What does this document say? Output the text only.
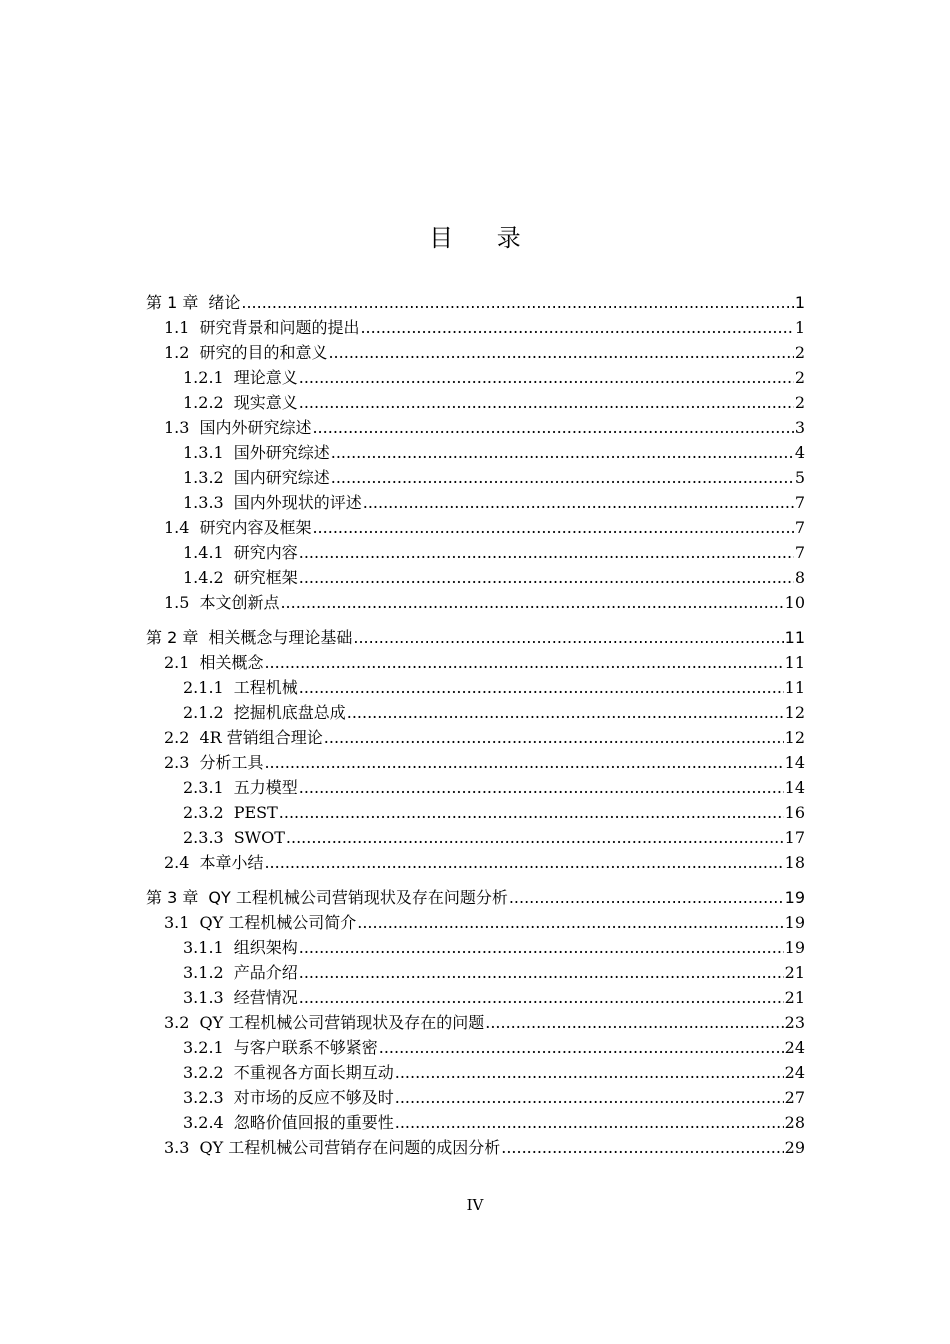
目 录
第 1 章 绪论 .....	1
1.1 研究背景和问题的提出 .....	1
1.2 研究的目的和意义 .....	2
1.2.1 理论意义 .....	2
1.2.2 现实意义 .....	2
1.3 国内外研究综述 .....	3
1.3.1 国外研究综述 .....	4
1.3.2 国内研究综述 .....	5
1.3.3 国内外现状的评述 .....	7
1.4 研究内容及框架 .....	7
1.4.1 研究内容 .....	7
1.4.2 研究框架 .....	8
1.5 本文创新点 .....	10
第 2 章 相关概念与理论基础 .....	11
2.1 相关概念 .....	11
2.1.1 工程机械 .....	11
2.1.2 挖掘机底盘总成 .....	12
2.2 4R 营销组合理论 .....	12
2.3 分析工具 .....	14
2.3.1 五力模型 .....	14
2.3.2 PEST .....	16
2.3.3 SWOT .....	17
2.4 本章小结 .....	18
第 3 章 QY 工程机械公司营销现状及存在问题分析 .....	19
3.1 QY 工程机械公司简介 .....	19
3.1.1 组织架构 .....	19
3.1.2 产品介绍 .....	21
3.1.3 经营情况 .....	21
3.2 QY 工程机械公司营销现状及存在的问题 .....	23
3.2.1 与客户联系不够紧密 .....	24
3.2.2 不重视各方面长期互动 .....	24
3.2.3 对市场的反应不够及时 .....	27
3.2.4 忽略价值回报的重要性 .....	28
3.3 QY 工程机械公司营销存在问题的成因分析 .....	29
IV
